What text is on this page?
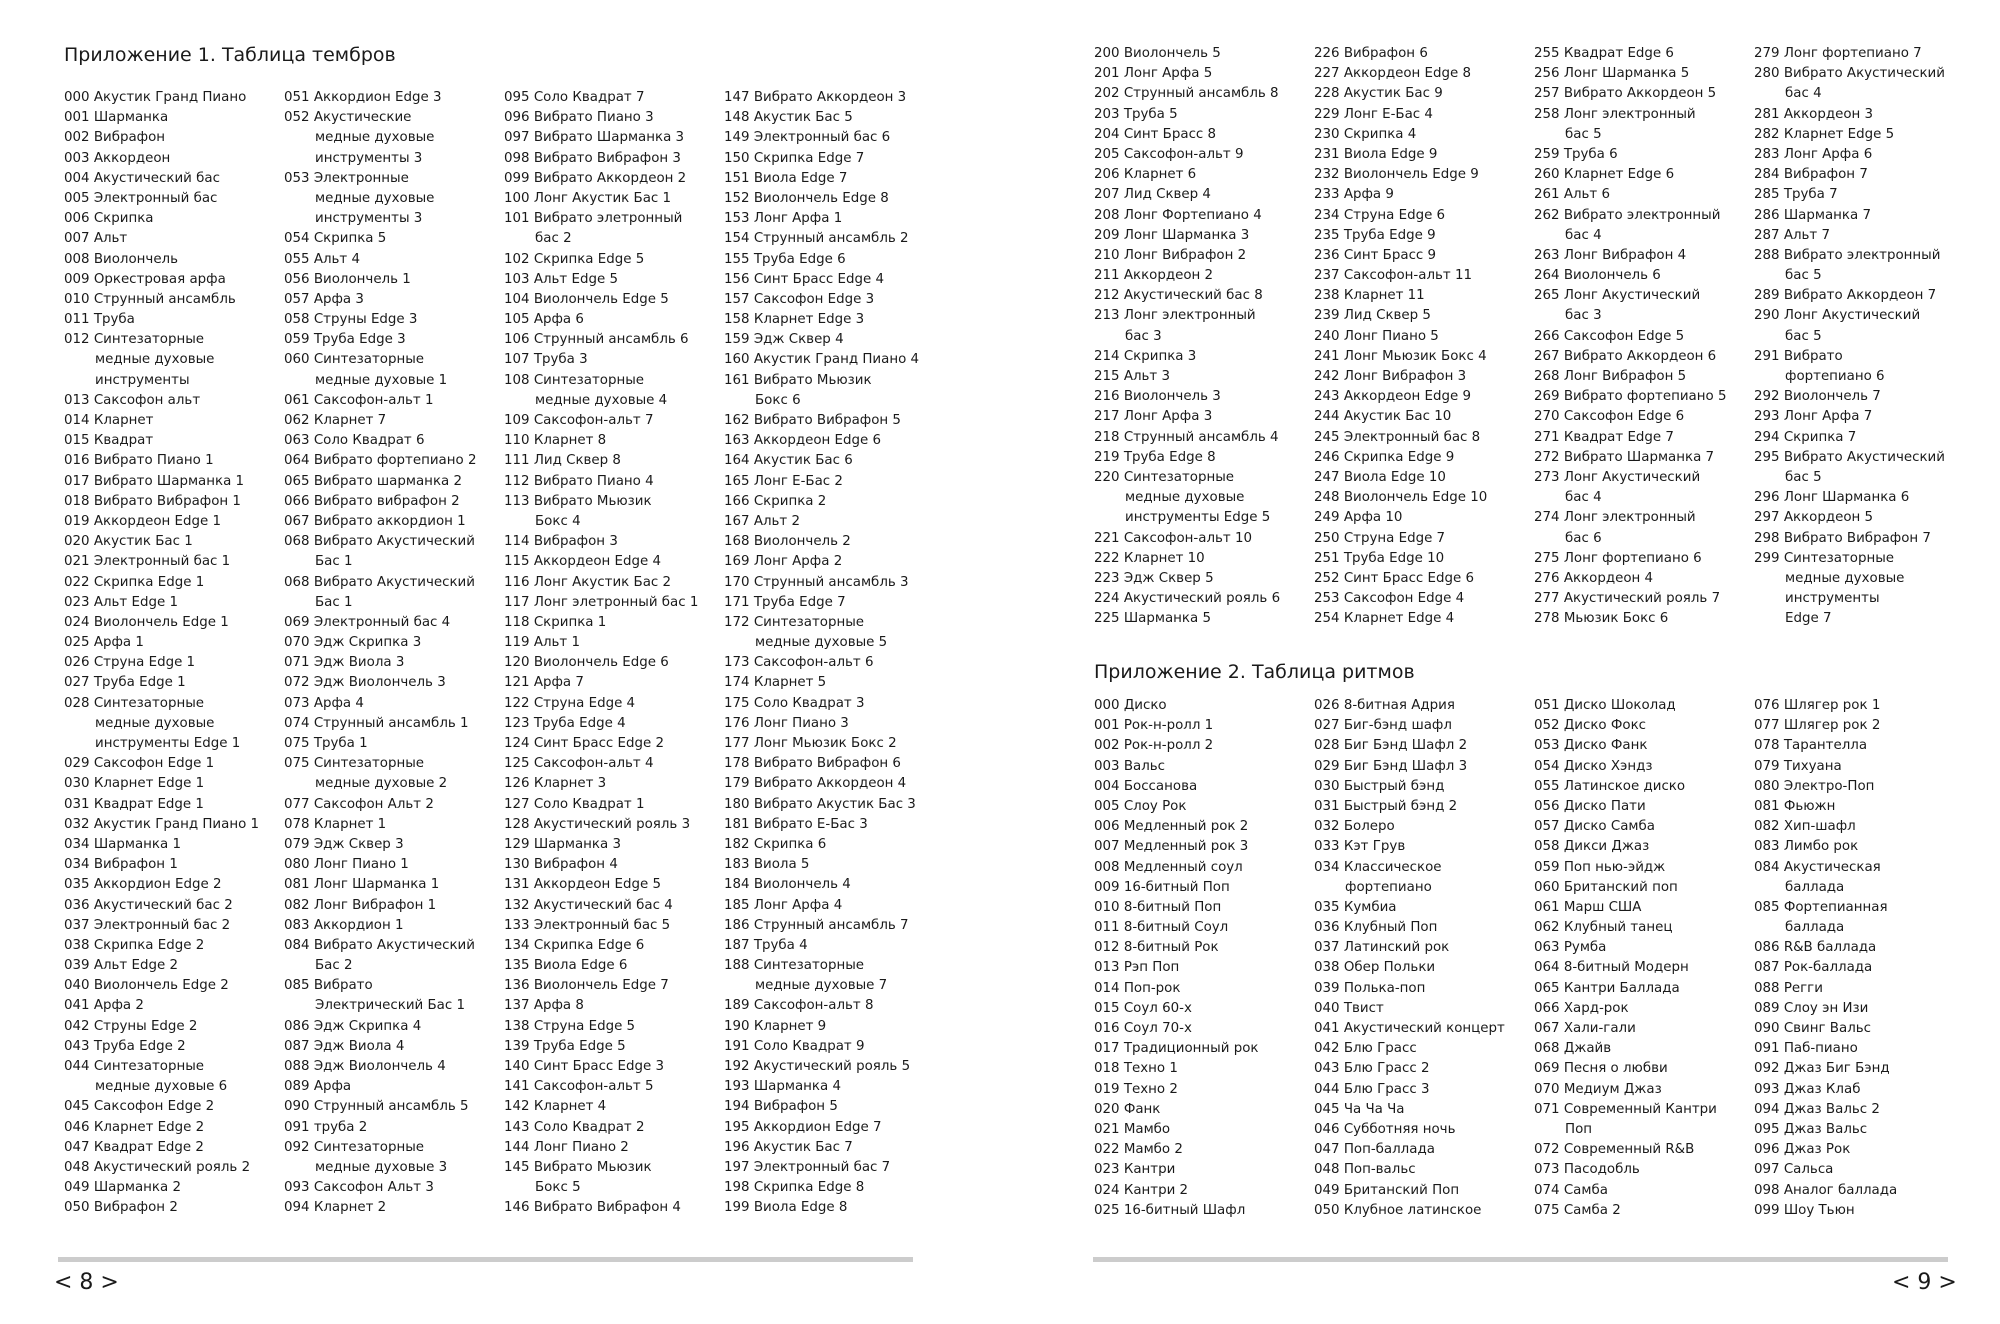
Приложение 1. Таблица тембров
000 Акустик Гранд Пиано
001 Шарманка
002 Вибрафон
003 Аккордеон
004 Акустический бас
005 Электронный бас
006 Скрипка
007 Альт
008 Виолончель
009 Оркестровая арфа
010 Струнный ансамбль
011 Труба
012 Синтезаторные
медные духовые
инструменты
013 Саксофон альт
014 Кларнет
015 Квадрат
016 Вибрато Пиано 1
017 Вибрато Шарманка 1
018 Вибрато Вибрафон 1
019 Аккордеон Edge 1
020 Акустик Бас 1
021 Электронный бас 1
022 Скрипка Edge 1
023 Альт Edge 1
024 Виолончель Edge 1
025 Арфа 1
026 Струна Edge 1
027 Труба Edge 1
028 Синтезаторные
медные духовые
инструменты Edge 1
029 Саксофон Edge 1
030 Кларнет Edge 1
031 Квадрат Edge 1
032 Акустик Гранд Пиано 1
034 Шарманка 1
034 Вибрафон 1
035 Аккордион Edge 2
036 Акустический бас 2
037 Электронный бас 2
038 Скрипка Edge 2
039 Альт Edge 2
040 Виолончель Edge 2
041 Арфа 2
042 Струны Edge 2
043 Труба Edge 2
044 Синтезаторные
медные духовые 6
045 Саксофон Edge 2
046 Кларнет Edge 2
047 Квадрат Edge 2
048 Акустический рояль 2
049 Шарманка 2
050 Вибрафон 2
051 Аккордион Edge 3
052 Акустические
медные духовые
инструменты 3
053 Электронные
медные духовые
инструменты 3
054 Скрипка 5
055 Альт 4
056 Виолончель 1
057 Арфа 3
058 Струны Edge 3
059 Труба Edge 3
060 Синтезаторные
медные духовые 1
061 Саксофон-альт 1
062 Кларнет 7
063 Соло Квадрат 6
064 Вибрато фортепиано 2
065 Вибрато шарманка 2
066 Вибрато вибрафон 2
067 Вибрато аккордион 1
068 Вибрато Акустический
Бас 1
068 Вибрато Акустический
Бас 1
069 Электронный бас 4
070 Эдж Скрипка 3
071 Эдж Виола 3
072 Эдж Виолончель 3
073 Арфа 4
074 Струнный ансамбль 1
075 Труба 1
075 Синтезаторные
медные духовые 2
077 Саксофон Альт 2
078 Кларнет 1
079 Эдж Сквер 3
080 Лонг Пиано 1
081 Лонг Шарманка 1
082 Лонг Вибрафон 1
083 Аккордион 1
084 Вибрато Акустический
Бас 2
085 Вибрато
Электрический Бас 1
086 Эдж Скрипка 4
087 Эдж Виола 4
088 Эдж Виолончель 4
089 Арфа
090 Струнный ансамбль 5
091 труба 2
092 Синтезаторные
медные духовые 3
093 Саксофон Альт 3
094 Кларнет 2
095 Соло Квадрат 7
096 Вибрато Пиано 3
097 Вибрато Шарманка 3
098 Вибрато Вибрафон 3
099 Вибрато Аккордеон 2
100 Лонг Акустик Бас 1
101 Вибрато элетронный
бас 2
102 Скрипка Edge 5
103 Альт Edge 5
104 Виолончель Edge 5
105 Арфа 6
106 Струнный ансамбль 6
107 Труба 3
108 Синтезаторные
медные духовые 4
109 Саксофон-альт 7
110 Кларнет 8
111 Лид Сквер 8
112 Вибрато Пиано 4
113 Вибрато Мьюзик
Бокс 4
114 Вибрафон 3
115 Аккордеон Edge 4
116 Лонг Акустик Бас 2
117 Лонг элетронный бас 1
118 Скрипка 1
119 Альт 1
120 Виолончель Edge 6
121 Арфа 7
122 Струна Edge 4
123 Труба Edge 4
124 Синт Брасс Edge 2
125 Саксофон-альт 4
126 Кларнет 3
127 Соло Квадрат 1
128 Акустический рояль 3
129 Шарманка 3
130 Вибрафон 4
131 Аккордеон Edge 5
132 Акустический бас 4
133 Электронный бас 5
134 Скрипка Edge 6
135 Виола Edge 6
136 Виолончель Edge 7
137 Арфа 8
138 Струна Edge 5
139 Труба Edge 5
140 Синт Брасс Edge 3
141 Саксофон-альт 5
142 Кларнет 4
143 Соло Квадрат 2
144 Лонг Пиано 2
145 Вибрато Мьюзик
Бокс 5
146 Вибрато Вибрафон 4
147 Вибрато Аккордеон 3
148 Акустик Бас 5
149 Электронный бас 6
150 Скрипка Edge 7
151 Виола Edge 7
152 Виолончель Edge 8
153 Лонг Арфа 1
154 Струнный ансамбль 2
155 Труба Edge 6
156 Синт Брасс Edge 4
157 Саксофон Edge 3
158 Кларнет Edge 3
159 Эдж Сквер 4
160 Акустик Гранд Пиано 4
161 Вибрато Мьюзик
Бокс 6
162 Вибрато Вибрафон 5
163 Аккордеон Edge 6
164 Акустик Бас 6
165 Лонг E-Бас 2
166 Скрипка 2
167 Альт 2
168 Виолончель 2
169 Лонг Арфа 2
170 Струнный ансамбль 3
171 Труба Edge 7
172 Синтезаторные
медные духовые 5
173 Саксофон-альт 6
174 Кларнет 5
175 Соло Квадрат 3
176 Лонг Пиано 3
177 Лонг Мьюзик Бокс 2
178 Вибрато Вибрафон 6
179 Вибрато Аккордеон 4
180 Вибрато Акустик Бас 3
181 Вибрато E-Бас 3
182 Скрипка 6
183 Виола 5
184 Виолончель 4
185 Лонг Арфа 4
186 Струнный ансамбль 7
187 Труба 4
188 Синтезаторные
медные духовые 7
189 Саксофон-альт 8
190 Кларнет 9
191 Соло Квадрат 9
192 Акустический рояль 5
193 Шарманка 4
194 Вибрафон 5
195 Аккордион Edge 7
196 Акустик Бас 7
197 Электронный бас 7
198 Скрипка Edge 8
199 Виола Edge 8
< 8 >
200 Виолончель 5
201 Лонг Арфа 5
202 Струнный ансамбль 8
203 Труба 5
204 Синт Брасс 8
205 Саксофон-альт 9
206 Кларнет 6
207 Лид Сквер 4
208 Лонг Фортепиано 4
209 Лонг Шарманка 3
210 Лонг Вибрафон 2
211 Аккордеон 2
212 Акустический бас 8
213 Лонг электронный
бас 3
214 Скрипка 3
215 Альт 3
216 Виолончель 3
217 Лонг Арфа 3
218 Струнный ансамбль 4
219 Труба Edge 8
220 Синтезаторные
медные духовые
инструменты Edge 5
221 Саксофон-альт 10
222 Кларнет 10
223 Эдж Сквер 5
224 Акустический рояль 6
225 Шарманка 5
226 Вибрафон 6
227 Аккордеон Edge 8
228 Акустик Бас 9
229 Лонг E-Бас 4
230 Скрипка 4
231 Виола Edge 9
232 Виолончель Edge 9
233 Арфа 9
234 Струна Edge 6
235 Труба Edge 9
236 Синт Брасс 9
237 Саксофон-альт 11
238 Кларнет 11
239 Лид Сквер 5
240 Лонг Пиано 5
241 Лонг Мьюзик Бокс 4
242 Лонг Вибрафон 3
243 Аккордеон Edge 9
244 Акустик Бас 10
245 Электронный бас 8
246 Скрипка Edge 9
247 Виола Edge 10
248 Виолончель Edge 10
249 Арфа 10
250 Струна Edge 7
251 Труба Edge 10
252 Синт Брасс Edge 6
253 Саксофон Edge 4
254 Кларнет Edge 4
255 Квадрат Edge 6
256 Лонг Шарманка 5
257 Вибрато Аккордеон 5
258 Лонг электронный
бас 5
259 Труба 6
260 Кларнет Edge 6
261 Альт 6
262 Вибрато электронный
бас 4
263 Лонг Вибрафон 4
264 Виолончель 6
265 Лонг Акустический
бас 3
266 Саксофон Edge 5
267 Вибрато Аккордеон 6
268 Лонг Вибрафон 5
269 Вибрато фортепиано 5
270 Саксофон Edge 6
271 Квадрат Edge 7
272 Вибрато Шарманка 7
273 Лонг Акустический
бас 4
274 Лонг электронный
бас 6
275 Лонг фортепиано 6
276 Аккордеон 4
277 Акустический рояль 7
278 Мьюзик Бокс 6
279 Лонг фортепиано 7
280 Вибрато Акустический
бас 4
281 Аккордеон 3
282 Кларнет Edge 5
283 Лонг Арфа 6
284 Вибрафон 7
285 Труба 7
286 Шарманка 7
287 Альт 7
288 Вибрато электронный
бас 5
289 Вибрато Аккордеон 7
290 Лонг Акустический
бас 5
291 Вибрато
фортепиано 6
292 Виолончель 7
293 Лонг Арфа 7
294 Скрипка 7
295 Вибрато Акустический
бас 5
296 Лонг Шарманка 6
297 Аккордеон 5
298 Вибрато Вибрафон 7
299 Синтезаторные
медные духовые
инструменты
Edge 7
Приложение 2. Таблица ритмов
000 Диско
001 Рок-н-ролл 1
002 Рок-н-ролл 2
003 Вальс
004 Боссанова
005 Слоу Рок
006 Медленный рок 2
007 Медленный рок 3
008 Медленный соул
009 16-битный Поп
010 8-битный Поп
011 8-битный Соул
012 8-битный Рок
013 Рэп Поп
014 Поп-рок
015 Соул 60-х
016 Соул 70-х
017 Традиционный рок
018 Техно 1
019 Техно 2
020 Фанк
021 Мамбо
022 Мамбо 2
023 Кантри
024 Кантри 2
025 16-битный Шафл
026 8-битная Адрия
027 Биг-бэнд шафл
028 Биг Бэнд Шафл 2
029 Биг Бэнд Шафл 3
030 Быстрый бэнд
031 Быстрый бэнд 2
032 Болеро
033 Кэт Грув
034 Классическое
фортепиано
035 Кумбиа
036 Клубный Поп
037 Латинский рок
038 Обер Польки
039 Полька-поп
040 Твист
041 Акустический концерт
042 Блю Грасс
043 Блю Грасс 2
044 Блю Грасс 3
045 Ча Ча Ча
046 Субботняя ночь
047 Поп-баллада
048 Поп-вальс
049 Британский Поп
050 Клубное латинское
051 Диско Шоколад
052 Диско Фокс
053 Диско Фанк
054 Диско Хэндз
055 Латинское диско
056 Диско Пати
057 Диско Самба
058 Дикси Джаз
059 Поп нью-эйдж
060 Британский поп
061 Марш США
062 Клубный танец
063 Румба
064 8-битный Модерн
065 Кантри Баллада
066 Хард-рок
067 Хали-гали
068 Джайв
069 Песня о любви
070 Медиум Джаз
071 Современный Кантри
Поп
072 Современный R&B
073 Пасодобль
074 Самба
075 Самба 2
076 Шлягер рок 1
077 Шлягер рок 2
078 Тарантелла
079 Тихуана
080 Электро-Поп
081 Фьюжн
082 Хип-шафл
083 Лимбо рок
084 Акустическая
баллада
085 Фортепианная
баллада
086 R&B баллада
087 Рок-баллада
088 Регги
089 Слоу эн Изи
090 Свинг Вальс
091 Паб-пиано
092 Джаз Биг Бэнд
093 Джаз Клаб
094 Джаз Вальс 2
095 Джаз Вальс
096 Джаз Рок
097 Сальса
098 Аналог баллада
099 Шоу Тьюн
< 9 >
